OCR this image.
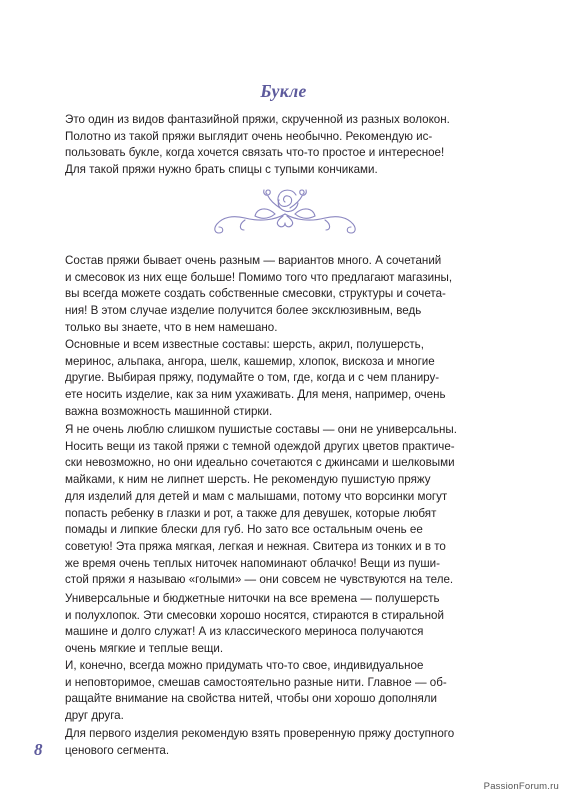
Букле
Это один из видов фантазийной пряжи, скрученной из разных волокон.
Полотно из такой пряжи выглядит очень необычно. Рекомендую ис-
пользовать букле, когда хочется связать что-то простое и интересное!
Для такой пряжи нужно брать спицы с тупыми кончиками.
Состав пряжи бывает очень разным — вариантов много. А сочетаний
и смесовок из них еще больше! Помимо того что предлагают магазины,
вы всегда можете создать собственные смесовки, структуры и сочета-
ния! В этом случае изделие получится более эксклюзивным, ведь
только вы знаете, что в нем намешано.
Основные и всем известные составы: шерсть, акрил, полушерсть,
меринос, альпака, ангора, шелк, кашемир, хлопок, вискоза и многие
другие. Выбирая пряжу, подумайте о том, где, когда и с чем планиру-
ете носить изделие, как за ним ухаживать. Для меня, например, очень
важна возможность машинной стирки.
Я не очень люблю слишком пушистые составы — они не универсальны.
Носить вещи из такой пряжи с темной одеждой других цветов практиче-
ски невозможно, но они идеально сочетаются с джинсами и шелковыми
майками, к ним не липнет шерсть. Не рекомендую пушистую пряжу
для изделий для детей и мам с малышами, потому что ворсинки могут
попасть ребенку в глазки и рот, а также для девушек, которые любят
помады и липкие блески для губ. Но зато все остальным очень ее
советую! Эта пряжа мягкая, легкая и нежная. Свитера из тонких и в то
же время очень теплых ниточек напоминают облачко! Вещи из пуши-
стой пряжи я называю «голыми» — они совсем не чувствуются на теле.
Универсальные и бюджетные ниточки на все времена — полушерсть
и полухлопок. Эти смесовки хорошо носятся, стираются в стиральной
машине и долго служат! А из классического мериноса получаются
очень мягкие и теплые вещи.
И, конечно, всегда можно придумать что-то свое, индивидуальное
и неповторимое, смешав самостоятельно разные нити. Главное — об-
ращайте внимание на свойства нитей, чтобы они хорошо дополняли
друг друга.
Для первого изделия рекомендую взять проверенную пряжу доступного
ценового сегмента.
8
PassionForum.ru
